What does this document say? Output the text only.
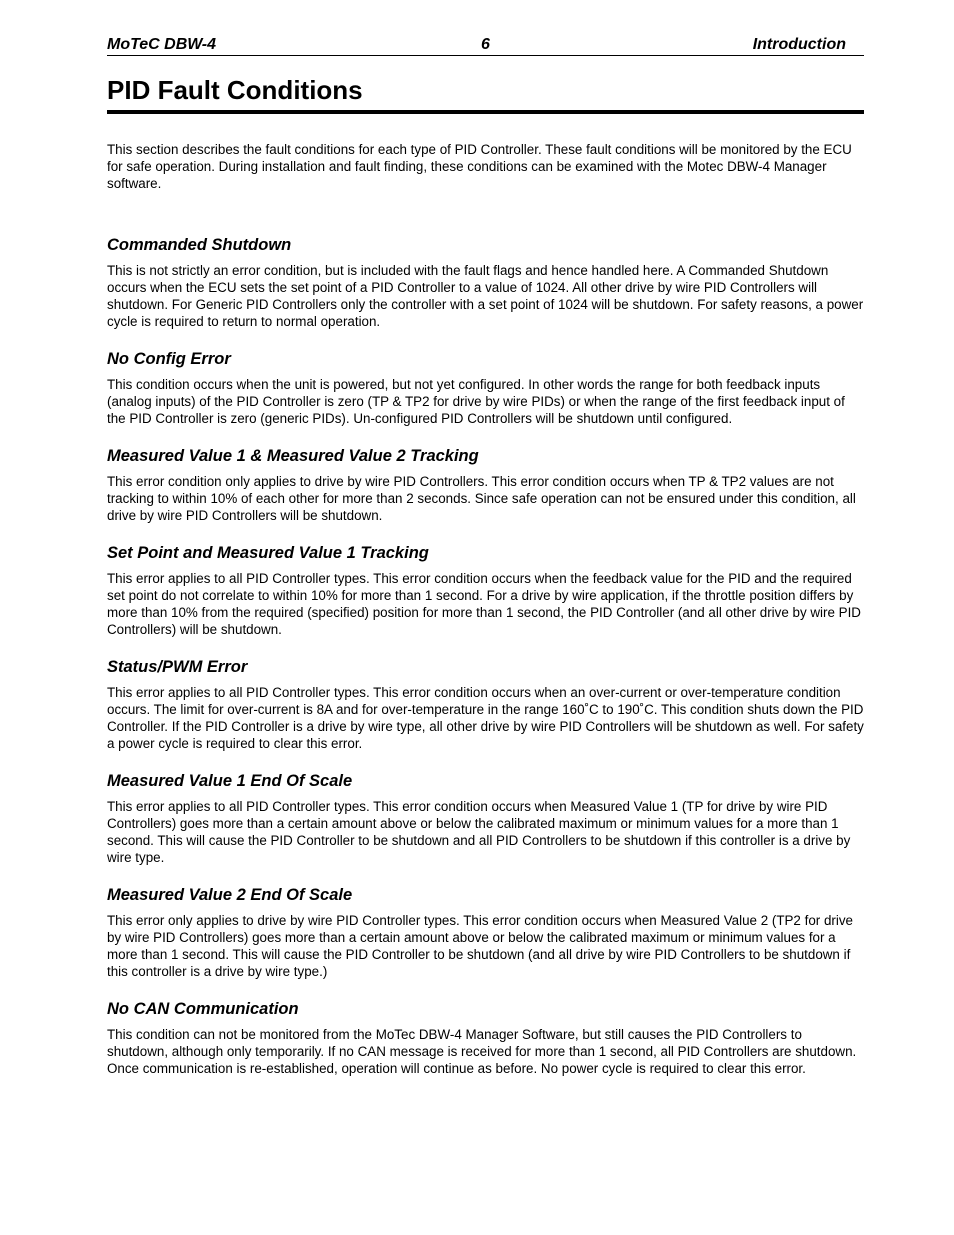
MoTeC DBW-4	6	Introduction
PID Fault Conditions

This section describes the fault conditions for each type of PID Controller. These fault conditions will be monitored by the ECU for safe operation. During installation and fault finding, these conditions can be examined with the Motec DBW-4 Manager software.

Commanded Shutdown

This is not strictly an error condition, but is included with the fault flags and hence handled here. A Commanded Shutdown occurs when the ECU sets the set point of a PID Controller to a value of 1024. All other drive by wire PID Controllers will shutdown. For Generic PID Controllers only the controller with a set point of 1024 will be shutdown. For safety reasons, a power cycle is required to return to normal operation.

No Config Error

This condition occurs when the unit is powered, but not yet configured. In other words the range for both feedback inputs (analog inputs) of the PID Controller is zero (TP & TP2 for drive by wire PIDs) or when the range of the first feedback input of the PID Controller is zero (generic PIDs). Un-configured PID Controllers will be shutdown until configured.

Measured Value 1 & Measured Value 2 Tracking

This error condition only applies to drive by wire PID Controllers. This error condition occurs when TP & TP2 values are not tracking to within 10% of each other for more than 2 seconds. Since safe operation can not be ensured under this condition, all drive by wire PID Controllers will be shutdown.

Set Point and Measured Value 1 Tracking

This error applies to all PID Controller types. This error condition occurs when the feedback value for the PID and the required set point do not correlate to within 10% for more than 1 second. For a drive by wire application, if the throttle position differs by more than 10% from the required (specified) position for more than 1 second, the PID Controller (and all other drive by wire PID Controllers) will be shutdown.

Status/PWM Error

This error applies to all PID Controller types. This error condition occurs when an over-current or over-temperature condition occurs. The limit for over-current is 8A and for over-temperature in the range 160˚C to 190˚C. This condition shuts down the PID Controller. If the PID Controller is a drive by wire type, all other drive by wire PID Controllers will be shutdown as well. For safety a power cycle is required to clear this error.

Measured Value 1 End Of Scale

This error applies to all PID Controller types. This error condition occurs when Measured Value 1 (TP for drive by wire PID Controllers) goes more than a certain amount above or below the calibrated maximum or minimum values for a more than 1 second. This will cause the PID Controller to be shutdown and all PID Controllers to be shutdown if this controller is a drive by wire type.

Measured Value 2 End Of Scale

This error only applies to drive by wire PID Controller types. This error condition occurs when Measured Value 2 (TP2 for drive by wire PID Controllers) goes more than a certain amount above or below the calibrated maximum or minimum values for a more than 1 second. This will cause the PID Controller to be shutdown (and all drive by wire PID Controllers to be shutdown if this controller is a drive by wire type.)

No CAN Communication

This condition can not be monitored from the MoTec DBW-4 Manager Software, but still causes the PID Controllers to shutdown, although only temporarily. If no CAN message is received for more than 1 second, all PID Controllers are shutdown. Once communication is re-established, operation will continue as before. No power cycle is required to clear this error.
